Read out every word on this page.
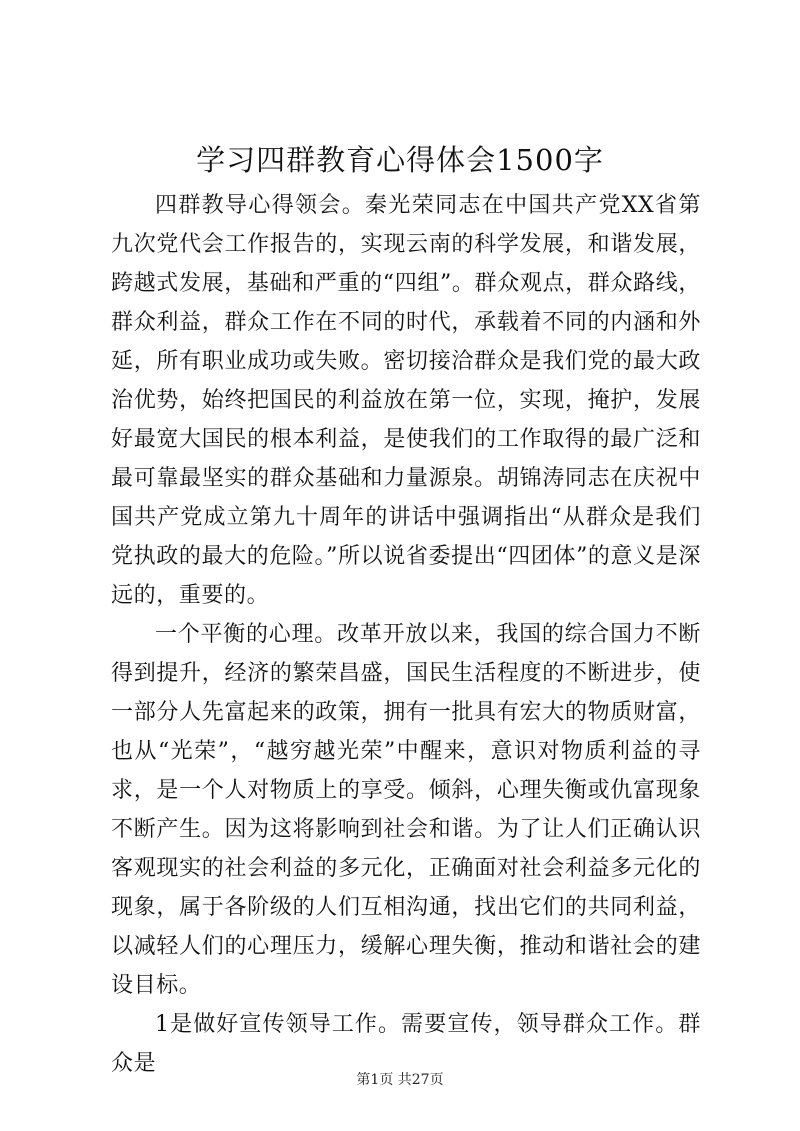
学习四群教育心得体会1500字

四群教导心得领会。秦光荣同志在中国共产党XX省第九次党代会工作报告的，实现云南的科学发展，和谐发展，跨越式发展，基础和严重的“四组”。群众观点，群众路线，群众利益，群众工作在不同的时代，承载着不同的内涵和外延，所有职业成功或失败。密切接洽群众是我们党的最大政治优势，始终把国民的利益放在第一位，实现，掩护，发展好最宽大国民的根本利益，是使我们的工作取得的最广泛和最可靠最坚实的群众基础和力量源泉。胡锦涛同志在庆祝中国共产党成立第九十周年的讲话中强调指出“从群众是我们党执政的最大的危险。”所以说省委提出“四团体”的意义是深远的，重要的。

一个平衡的心理。改革开放以来，我国的综合国力不断得到提升，经济的繁荣昌盛，国民生活程度的不断进步，使一部分人先富起来的政策，拥有一批具有宏大的物质财富，也从“光荣”，“越穷越光荣”中醒来，意识对物质利益的寻求，是一个人对物质上的享受。倾斜，心理失衡或仇富现象不断产生。因为这将影响到社会和谐。为了让人们正确认识客观现实的社会利益的多元化，正确面对社会利益多元化的现象，属于各阶级的人们互相沟通，找出它们的共同利益，以减轻人们的心理压力，缓解心理失衡，推动和谐社会的建设目标。

1是做好宣传领导工作。需要宣传，领导群众工作。群众是

第1页 共27页
